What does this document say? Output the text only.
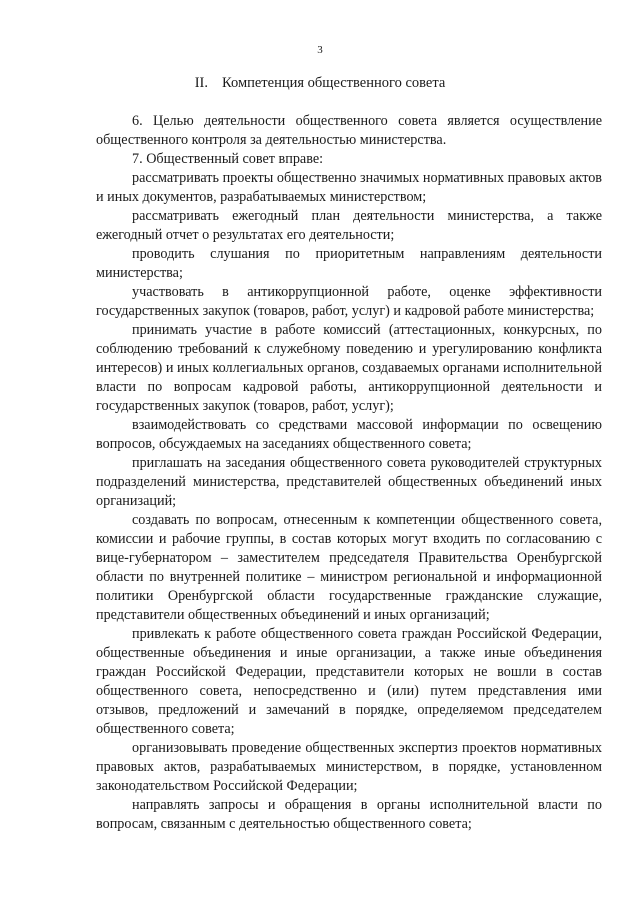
3
II. Компетенция общественного совета

6. Целью деятельности общественного совета является осуществление общественного контроля за деятельностью министерства.

7. Общественный совет вправе:

рассматривать проекты общественно значимых нормативных правовых актов и иных документов, разрабатываемых министерством;

рассматривать ежегодный план деятельности министерства, а также ежегодный отчет о результатах его деятельности;

проводить слушания по приоритетным направлениям деятельности министерства;

участвовать в антикоррупционной работе, оценке эффективности государственных закупок (товаров, работ, услуг) и кадровой работе министерства;

принимать участие в работе комиссий (аттестационных, конкурсных, по соблюдению требований к служебному поведению и урегулированию конфликта интересов) и иных коллегиальных органов, создаваемых органами исполнительной власти по вопросам кадровой работы, антикоррупционной деятельности и государственных закупок (товаров, работ, услуг);

взаимодействовать со средствами массовой информации по освещению вопросов, обсуждаемых на заседаниях общественного совета;

приглашать на заседания общественного совета руководителей структурных подразделений министерства, представителей общественных объединений иных организаций;

создавать по вопросам, отнесенным к компетенции общественного совета, комиссии и рабочие группы, в состав которых могут входить по согласованию с вице-губернатором – заместителем председателя Правительства Оренбургской области по внутренней политике – министром региональной и информационной политики Оренбургской области государственные гражданские служащие, представители общественных объединений и иных организаций;

привлекать к работе общественного совета граждан Российской Федерации, общественные объединения и иные организации, а также иные объединения граждан Российской Федерации, представители которых не вошли в состав общественного совета, непосредственно и (или) путем представления ими отзывов, предложений и замечаний в порядке, определяемом председателем общественного совета;

организовывать проведение общественных экспертиз проектов нормативных правовых актов, разрабатываемых министерством, в порядке, установленном законодательством Российской Федерации;

направлять запросы и обращения в органы исполнительной власти по вопросам, связанным с деятельностью общественного совета;
